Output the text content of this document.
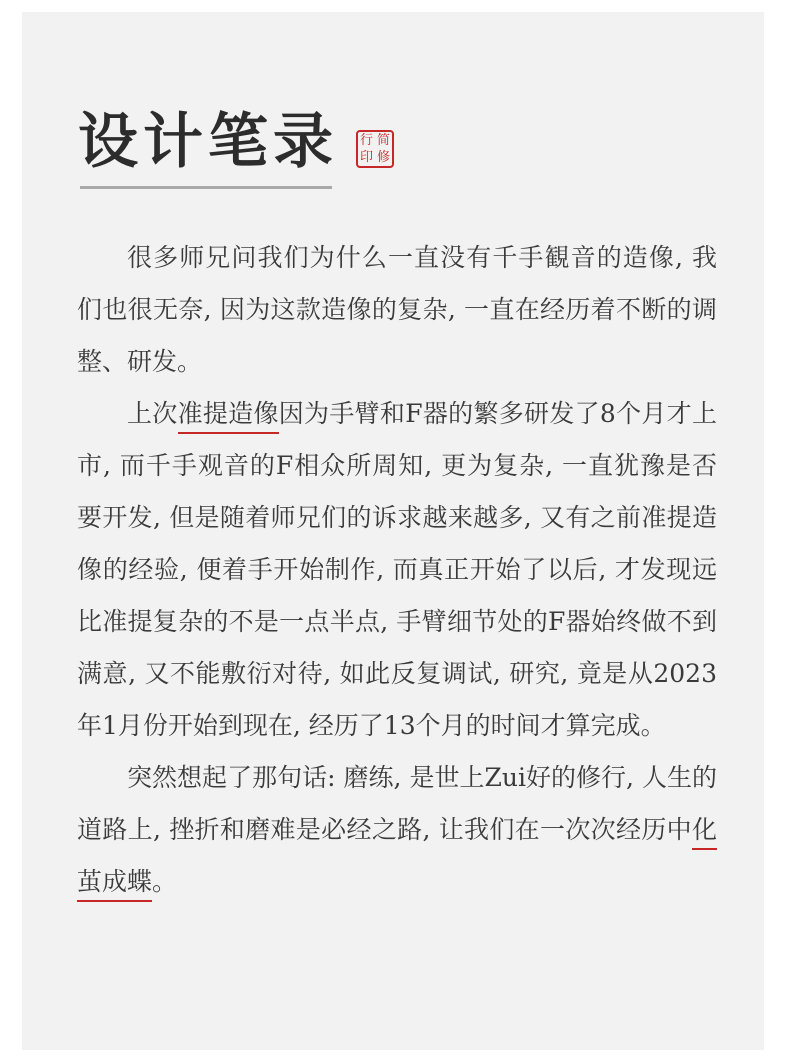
设计笔录 行 简
印 修

很多师兄问我们为什么一直没有千手観音的造像, 我们也很无奈, 因为这款造像的复杂, 一直在经历着不断的调整、研发。

上次准提造像因为手臂和F器的繁多研发了8个月才上市, 而千手观音的F相众所周知, 更为复杂, 一直犹豫是否要开发, 但是随着师兄们的诉求越来越多, 又有之前准提造像的经验, 便着手开始制作, 而真正开始了以后, 才发现远比准提复杂的不是一点半点, 手臂细节处的F器始终做不到满意, 又不能敷衍对待, 如此反复调试, 研究, 竟是从2023年1月份开始到现在, 经历了13个月的时间才算完成。

突然想起了那句话: 磨练, 是世上Zui好的修行, 人生的道路上, 挫折和磨难是必经之路, 让我们在一次次经历中化茧成蝶。
